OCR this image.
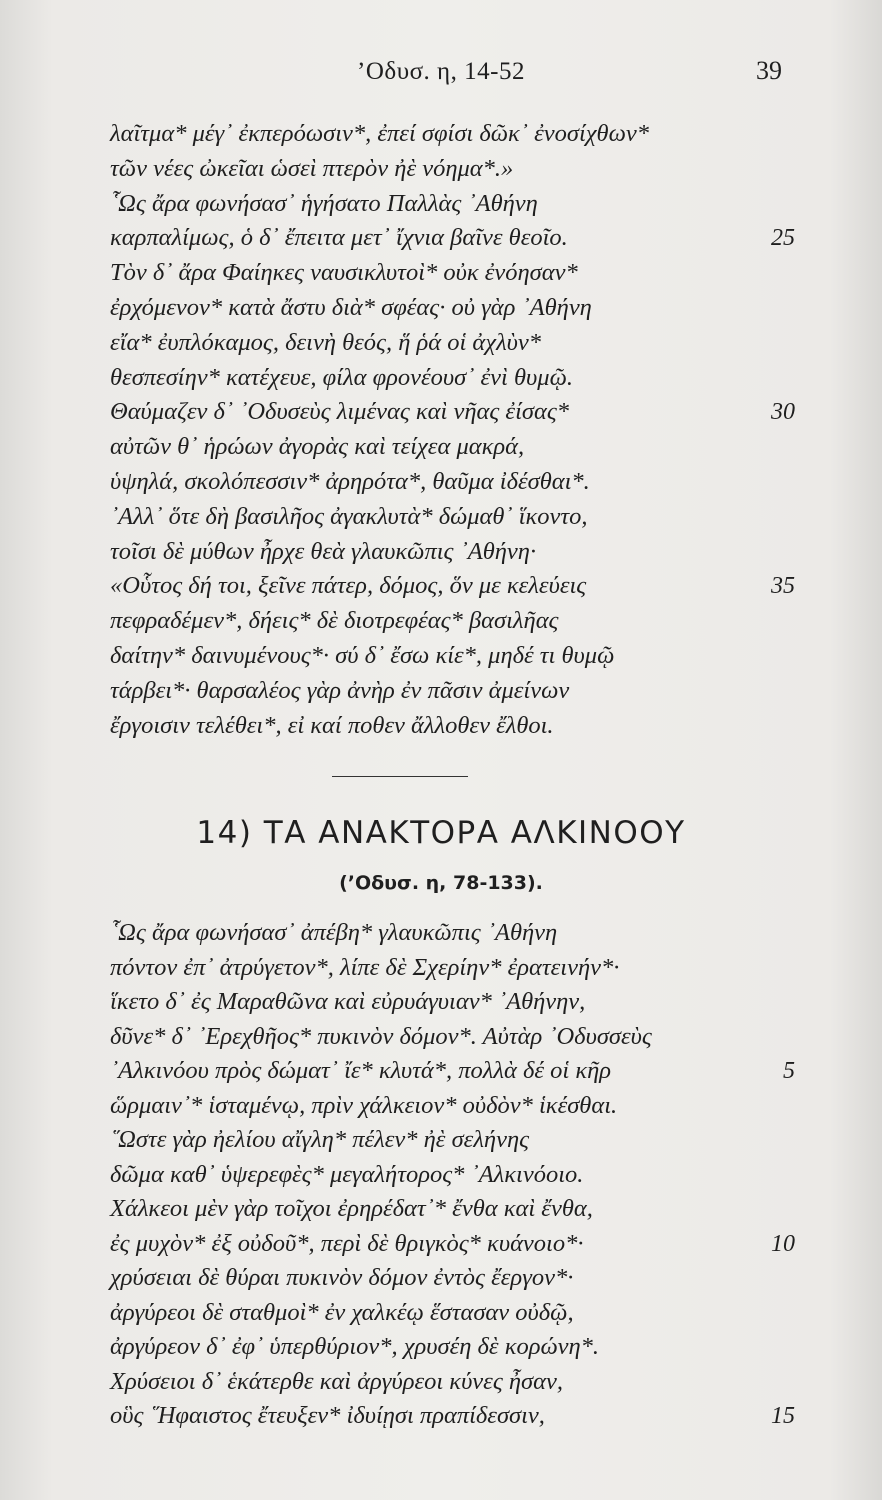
’Οδυσ. η, 14-52	39
λαῖτμα* μέγ᾽ ἐκπερόωσιν*, ἐπεί σφίσι δῶκ᾽ ἐνοσίχθων*
τῶν νέες ὠκεῖαι ὡσεὶ πτερὸν ἠὲ νόημα*.»
῟Ως ἄρα φωνήσασ᾽ ἡγήσατο Παλλὰς ᾽Αθήνη
καρπαλίμως, ὁ δ᾽ ἔπειτα μετ᾽ ἴχνια βαῖνε θεοῖο.	25
Τὸν δ᾽ ἄρα Φαίηκες ναυσικλυτοὶ* οὐκ ἐνόησαν*
ἐρχόμενον* κατὰ ἄστυ διὰ* σφέας· οὐ γὰρ ᾽Αθήνη
εἴα* ἐυπλόκαμος, δεινὴ θεός, ἥ ῥά οἱ ἀχλὺν*
θεσπεσίην* κατέχευε, φίλα φρονέουσ᾽ ἐνὶ θυμῷ.
Θαύμαζεν δ᾽ ᾽Οδυσεὺς λιμένας καὶ νῆας ἐίσας*	30
αὐτῶν θ᾽ ἡρώων ἀγορὰς καὶ τείχεα μακρά,
ὑψηλά, σκολόπεσσιν* ἀρηρότα*, θαῦμα ἰδέσθαι*.
᾽Αλλ᾽ ὅτε δὴ βασιλῆος ἀγακλυτὰ* δώμαθ᾽ ἵκοντο,
τοῖσι δὲ μύθων ἦρχε θεὰ γλαυκῶπις ᾽Αθήνη·
«Οὗτος δή τοι, ξεῖνε πάτερ, δόμος, ὅν με κελεύεις	35
πεφραδέμεν*, δήεις* δὲ διοτρεφέας* βασιλῆας
δαίτην* δαινυμένους*· σύ δ᾽ ἔσω κίε*, μηδέ τι θυμῷ
τάρβει*· θαρσαλέος γὰρ ἀνὴρ ἐν πᾶσιν ἀμείνων
ἔργοισιν τελέθει*, εἰ καί ποθεν ἄλλοθεν ἔλθοι.
14) ΤΑ ΑΝΑΚΤΟΡΑ ΑΛΚΙΝΟΟΥ
(’Οδυσ. η, 78-133).
῟Ως ἄρα φωνήσασ᾽ ἀπέβη* γλαυκῶπις ᾽Αθήνη
πόντον ἐπ᾽ ἀτρύγετον*, λίπε δὲ Σχερίην* ἐρατεινήν*·
ἵκετο δ᾽ ἐς Μαραθῶνα καὶ εὐρυάγυιαν* ᾽Αθήνην,
δῦνε* δ᾽ ᾽Ερεχθῆος* πυκινὸν δόμον*. Αὐτὰρ ᾽Οδυσσεὺς
᾽Αλκινόου πρὸς δώματ᾽ ἴε* κλυτά*, πολλὰ δέ οἱ κῆρ	5
ὥρμαιν᾽* ἱσταμένῳ, πρὶν χάλκειον* οὐδὸν* ἱκέσθαι.
῞Ωστε γὰρ ἠελίου αἴγλη* πέλεν* ἠὲ σελήνης
δῶμα καθ᾽ ὑψερεφὲς* μεγαλήτορος* ᾽Αλκινόοιο.
Χάλκεοι μὲν γὰρ τοῖχοι ἐρηρέδατ᾽* ἔνθα καὶ ἔνθα,
ἐς μυχὸν* ἐξ οὐδοῦ*, περὶ δὲ θριγκὸς* κυάνοιο*·	10
χρύσειαι δὲ θύραι πυκινὸν δόμον ἐντὸς ἔεργον*·
ἀργύρεοι δὲ σταθμοὶ* ἐν χαλκέῳ ἕστασαν οὐδῷ,
ἀργύρεον δ᾽ ἐφ᾽ ὑπερθύριον*, χρυσέη δὲ κορώνη*.
Χρύσειοι δ᾽ ἑκάτερθε καὶ ἀργύρεοι κύνες ἦσαν,
οὓς ῞Ηφαιστος ἔτευξεν* ἰδυίῃσι πραπίδεσσιν,	15
